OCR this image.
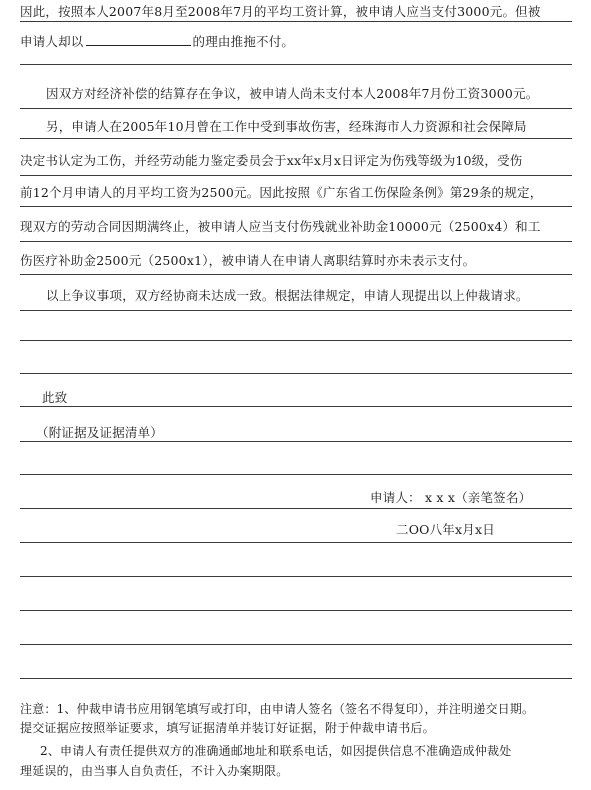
因此，按照本人2007年8月至2008年7月的平均工资计算，被申请人应当支付3000元。但被
申请人却以	的理由推拖不付。
因双方对经济补偿的结算存在争议，被申请人尚未支付本人2008年7月份工资3000元。
另，申请人在2005年10月曾在工作中受到事故伤害，经珠海市人力资源和社会保障局
决定书认定为工伤，并经劳动能力鉴定委员会于xx年x月x日评定为伤残等级为10级，受伤
前12个月申请人的月平均工资为2500元。因此按照《广东省工伤保险条例》第29条的规定，
现双方的劳动合同因期满终止，被申请人应当支付伤残就业补助金10000元（2500x4）和工
伤医疗补助金2500元（2500x1），被申请人在申请人离职结算时亦未表示支付。
以上争议事项，双方经协商未达成一致。根据法律规定，申请人现提出以上仲裁请求。
此致
（附证据及证据清单）
申请人： x x x（亲笔签名）
二OO八年x月x日
注意：1、仲裁申请书应用钢笔填写或打印，由申请人签名（签名不得复印），并注明递交日期。
提交证据应按照举证要求，填写证据清单并装订好证据，附于仲裁申请书后。
2、申请人有责任提供双方的准确通邮地址和联系电话，如因提供信息不准确造成仲裁处
理延误的，由当事人自负责任，不计入办案期限。
